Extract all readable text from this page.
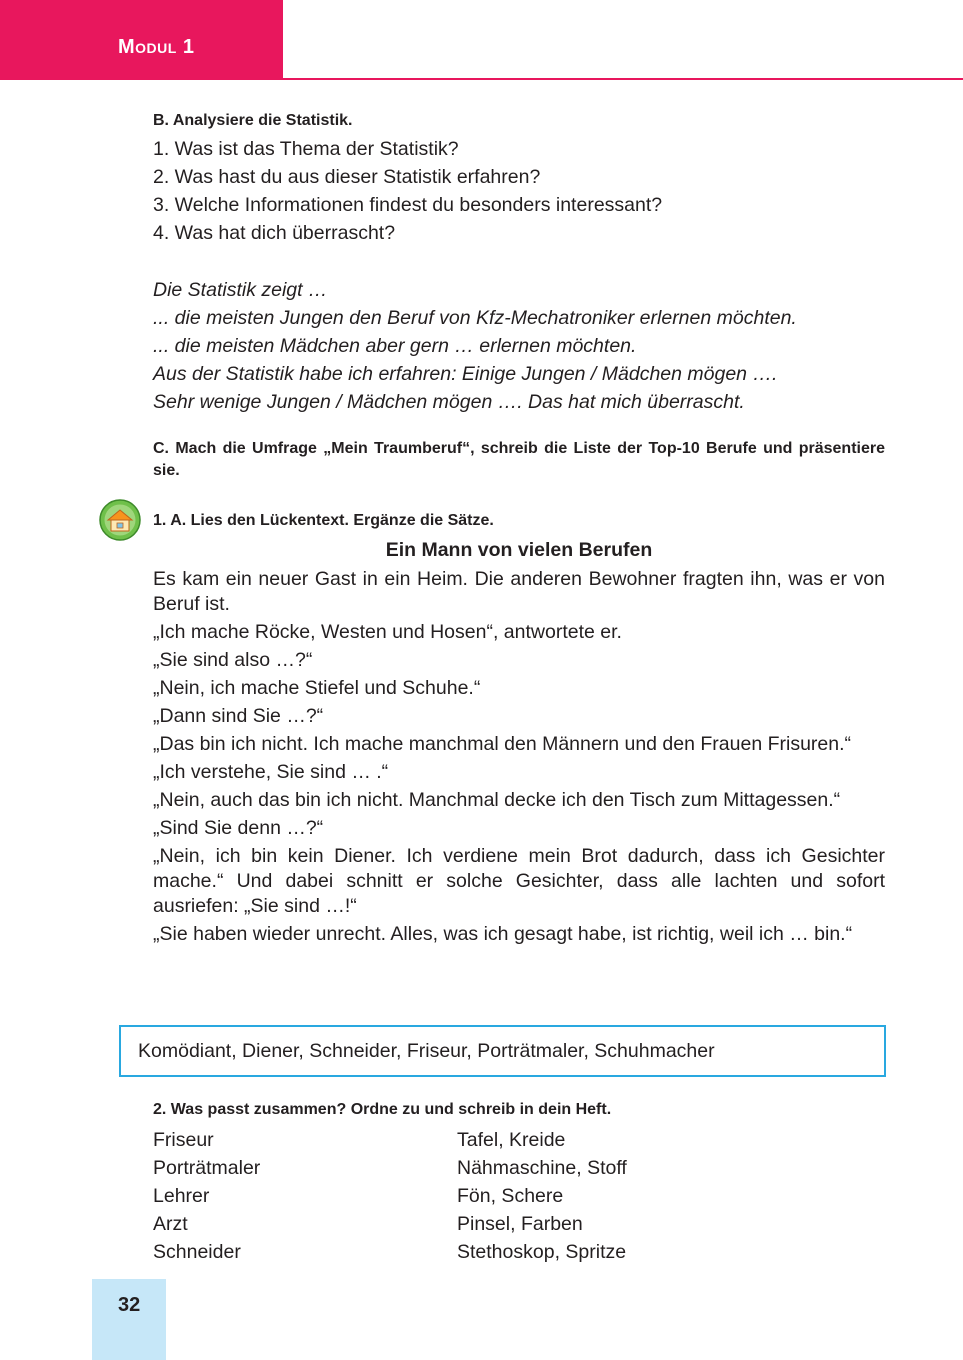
Modul 1
B. Analysiere die Statistik.
1. Was ist das Thema der Statistik?
2. Was hast du aus dieser Statistik erfahren?
3. Welche Informationen findest du besonders interessant?
4. Was hat dich überrascht?
Die Statistik zeigt …
... die meisten Jungen den Beruf von Kfz-Mechatroniker erlernen möchten.
... die meisten Mädchen aber gern … erlernen möchten.
Aus der Statistik habe ich erfahren: Einige Jungen / Mädchen mögen ….
Sehr wenige Jungen / Mädchen mögen …. Das hat mich überrascht.
C. Mach die Umfrage „Mein Traumberuf“, schreib die Liste der Top-10 Berufe und präsentiere sie.
1. A. Lies den Lückentext. Ergänze die Sätze.
Ein Mann von vielen Berufen
Es kam ein neuer Gast in ein Heim. Die anderen Bewohner fragten ihn, was er von Beruf ist.
„Ich mache Röcke, Westen und Hosen“, antwortete er.
„Sie sind also …?“
„Nein, ich mache Stiefel und Schuhe.“
„Dann sind Sie …?“
„Das bin ich nicht. Ich mache manchmal den Männern und den Frauen Frisuren.“
„Ich verstehe, Sie sind … .“
„Nein, auch das bin ich nicht. Manchmal decke ich den Tisch zum Mittagessen.“
„Sind Sie denn …?“
„Nein, ich bin kein Diener. Ich verdiene mein Brot dadurch, dass ich Gesichter mache.“ Und dabei schnitt er solche Gesichter, dass alle lachten und sofort ausriefen: „Sie sind …!“
„Sie haben wieder unrecht. Alles, was ich gesagt habe, ist richtig, weil ich … bin.“
Komödiant, Diener, Schneider, Friseur, Porträtmaler, Schuhmacher
2. Was passt zusammen? Ordne zu und schreib in dein Heft.
Friseur	Tafel, Kreide
Porträtmaler	Nähmaschine, Stoff
Lehrer	Fön, Schere
Arzt	Pinsel, Farben
Schneider	Stethoskop, Spritze
32
